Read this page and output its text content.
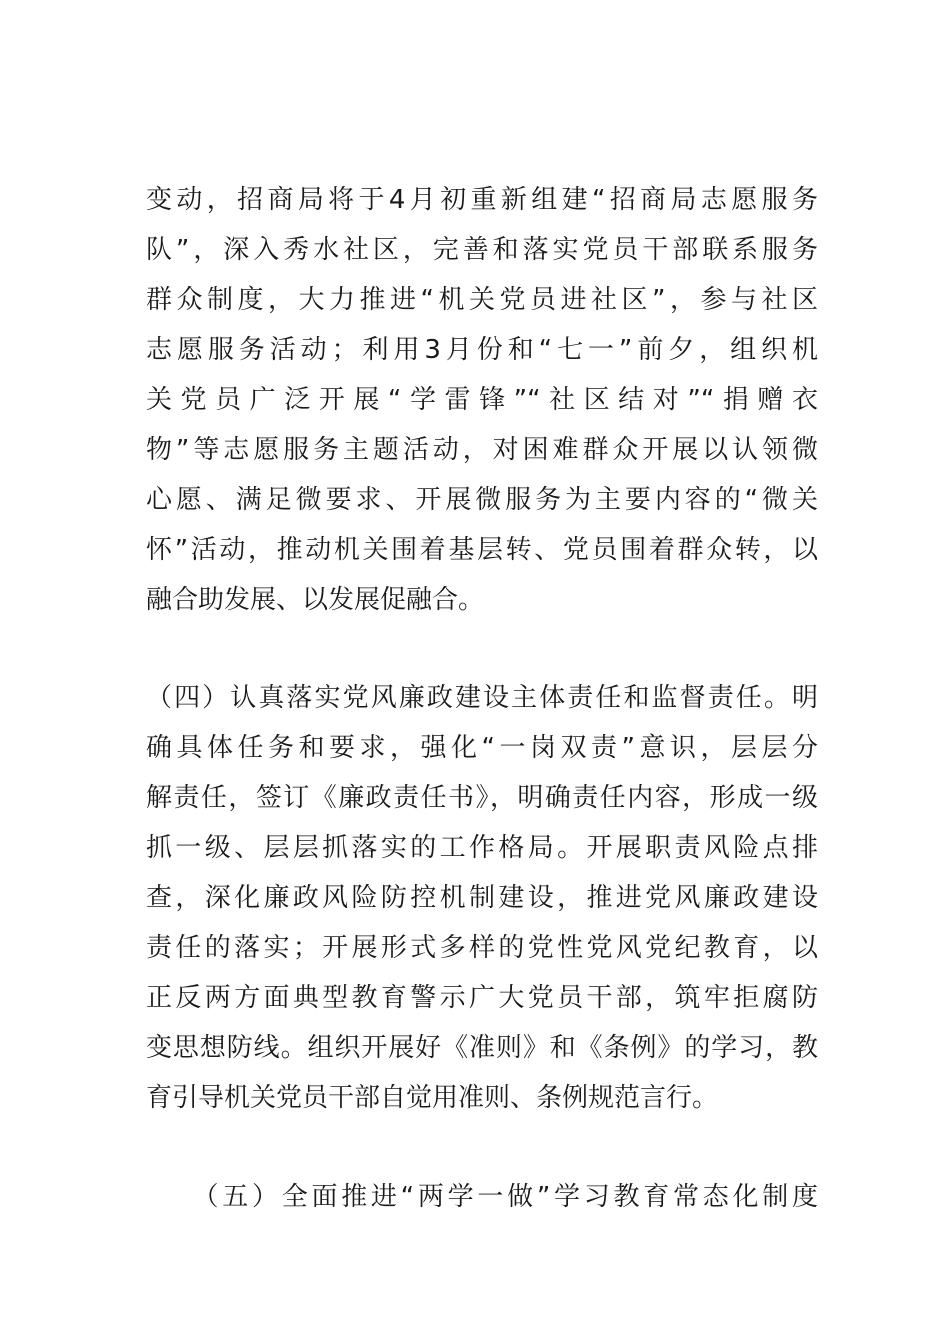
变动，招商局将于4月初重新组建“招商局志愿服务
队”，深入秀水社区，完善和落实党员干部联系服务
群众制度，大力推进“机关党员进社区”，参与社区
志愿服务活动；利用3月份和“七一”前夕，组织机
关党员广泛开展“学雷锋”“社区结对”“捐赠衣
物”等志愿服务主题活动，对困难群众开展以认领微
心愿、满足微要求、开展微服务为主要内容的“微关
怀”活动，推动机关围着基层转、党员围着群众转，以
融合助发展、以发展促融合。
（四）认真落实党风廉政建设主体责任和监督责任。明
确具体任务和要求，强化“一岗双责”意识，层层分
解责任，签订《廉政责任书》，明确责任内容，形成一级
抓一级、层层抓落实的工作格局。开展职责风险点排
查，深化廉政风险防控机制建设，推进党风廉政建设
责任的落实；开展形式多样的党性党风党纪教育，以
正反两方面典型教育警示广大党员干部，筑牢拒腐防
变思想防线。组织开展好《准则》和《条例》的学习，教
育引导机关党员干部自觉用准则、条例规范言行。
　　（五）全面推进“两学一做”学习教育常态化制度
